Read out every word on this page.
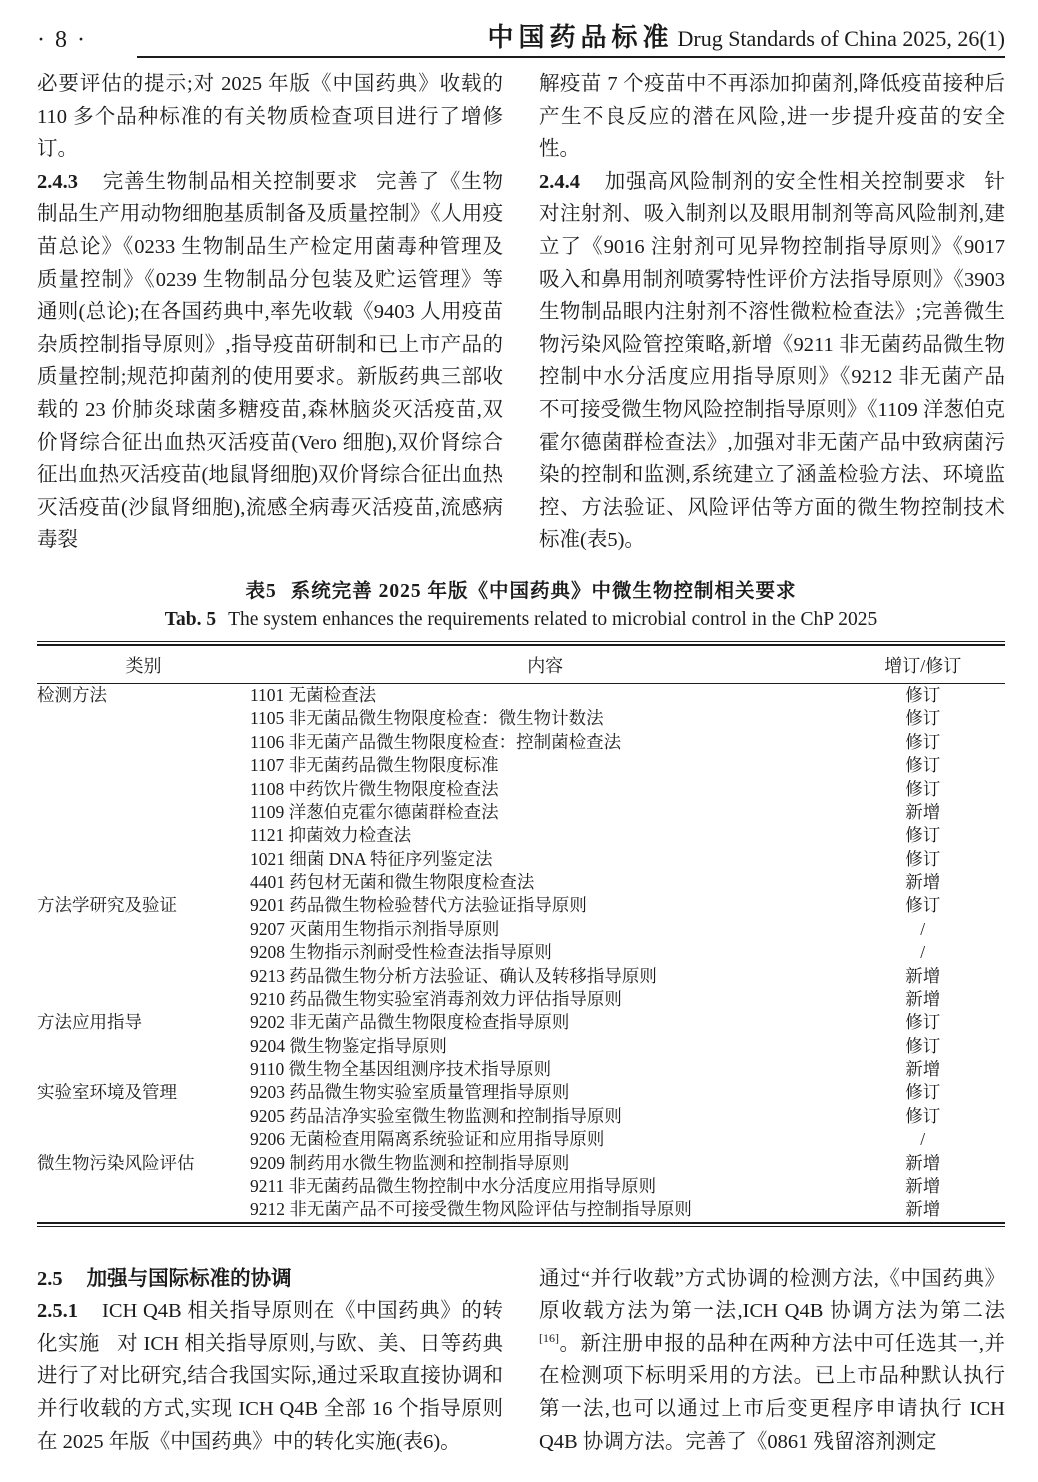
· 8 ·	中国药品标准 Drug Standards of China 2025, 26(1)

必要评估的提示;对 2025 年版《中国药典》收载的 110 多个品种标准的有关物质检查项目进行了增修订。

2.4.3 完善生物制品相关控制要求 完善了《生物制品生产用动物细胞基质制备及质量控制》《人用疫苗总论》《0233 生物制品生产检定用菌毒种管理及质量控制》《0239 生物制品分包装及贮运管理》等通则(总论);在各国药典中,率先收载《9403 人用疫苗杂质控制指导原则》,指导疫苗研制和已上市产品的质量控制;规范抑菌剂的使用要求。新版药典三部收载的 23 价肺炎球菌多糖疫苗,森林脑炎灭活疫苗,双价肾综合征出血热灭活疫苗(Vero 细胞),双价肾综合征出血热灭活疫苗(地鼠肾细胞)双价肾综合征出血热灭活疫苗(沙鼠肾细胞),流感全病毒灭活疫苗,流感病毒裂

解疫苗 7 个疫苗中不再添加抑菌剂,降低疫苗接种后产生不良反应的潜在风险,进一步提升疫苗的安全性。

2.4.4 加强高风险制剂的安全性相关控制要求 针对注射剂、吸入制剂以及眼用制剂等高风险制剂,建立了《9016 注射剂可见异物控制指导原则》《9017 吸入和鼻用制剂喷雾特性评价方法指导原则》《3903 生物制品眼内注射剂不溶性微粒检查法》;完善微生物污染风险管控策略,新增《9211 非无菌药品微生物控制中水分活度应用指导原则》《9212 非无菌产品不可接受微生物风险控制指导原则》《1109 洋葱伯克霍尔德菌群检查法》,加强对非无菌产品中致病菌污染的控制和监测,系统建立了涵盖检验方法、环境监控、方法验证、风险评估等方面的微生物控制技术标准(表5)。

表5 系统完善 2025 年版《中国药典》中微生物控制相关要求
Tab. 5 The system enhances the requirements related to microbial control in the ChP 2025
类别	内容	增订/修订
检测方法	1101 无菌检查法	修订
	1105 非无菌品微生物限度检查：微生物计数法	修订
	1106 非无菌产品微生物限度检查：控制菌检查法	修订
	1107 非无菌药品微生物限度标准	修订
	1108 中药饮片微生物限度检查法	修订
	1109 洋葱伯克霍尔德菌群检查法	新增
	1121 抑菌效力检查法	修订
	1021 细菌 DNA 特征序列鉴定法	修订
	4401 药包材无菌和微生物限度检查法	新增
方法学研究及验证	9201 药品微生物检验替代方法验证指导原则	修订
	9207 灭菌用生物指示剂指导原则	/
	9208 生物指示剂耐受性检查法指导原则	/
	9213 药品微生物分析方法验证、确认及转移指导原则	新增
	9210 药品微生物实验室消毒剂效力评估指导原则	新增
方法应用指导	9202 非无菌产品微生物限度检查指导原则	修订
	9204 微生物鉴定指导原则	修订
	9110 微生物全基因组测序技术指导原则	新增
实验室环境及管理	9203 药品微生物实验室质量管理指导原则	修订
	9205 药品洁净实验室微生物监测和控制指导原则	修订
	9206 无菌检查用隔离系统验证和应用指导原则	/
微生物污染风险评估	9209 制药用水微生物监测和控制指导原则	新增
	9211 非无菌药品微生物控制中水分活度应用指导原则	新增
	9212 非无菌产品不可接受微生物风险评估与控制指导原则	新增

2.5 加强与国际标准的协调

2.5.1 ICH Q4B 相关指导原则在《中国药典》的转化实施 对 ICH 相关指导原则,与欧、美、日等药典进行了对比研究,结合我国实际,通过采取直接协调和并行收载的方式,实现 ICH Q4B 全部 16 个指导原则在 2025 年版《中国药典》中的转化实施(表6)。

通过“并行收载”方式协调的检测方法,《中国药典》原收载方法为第一法,ICH Q4B 协调方法为第二法[16]。新注册申报的品种在两种方法中可任选其一,并在检测项下标明采用的方法。已上市品种默认执行第一法,也可以通过上市后变更程序申请执行 ICH Q4B 协调方法。完善了《0861 残留溶剂测定
